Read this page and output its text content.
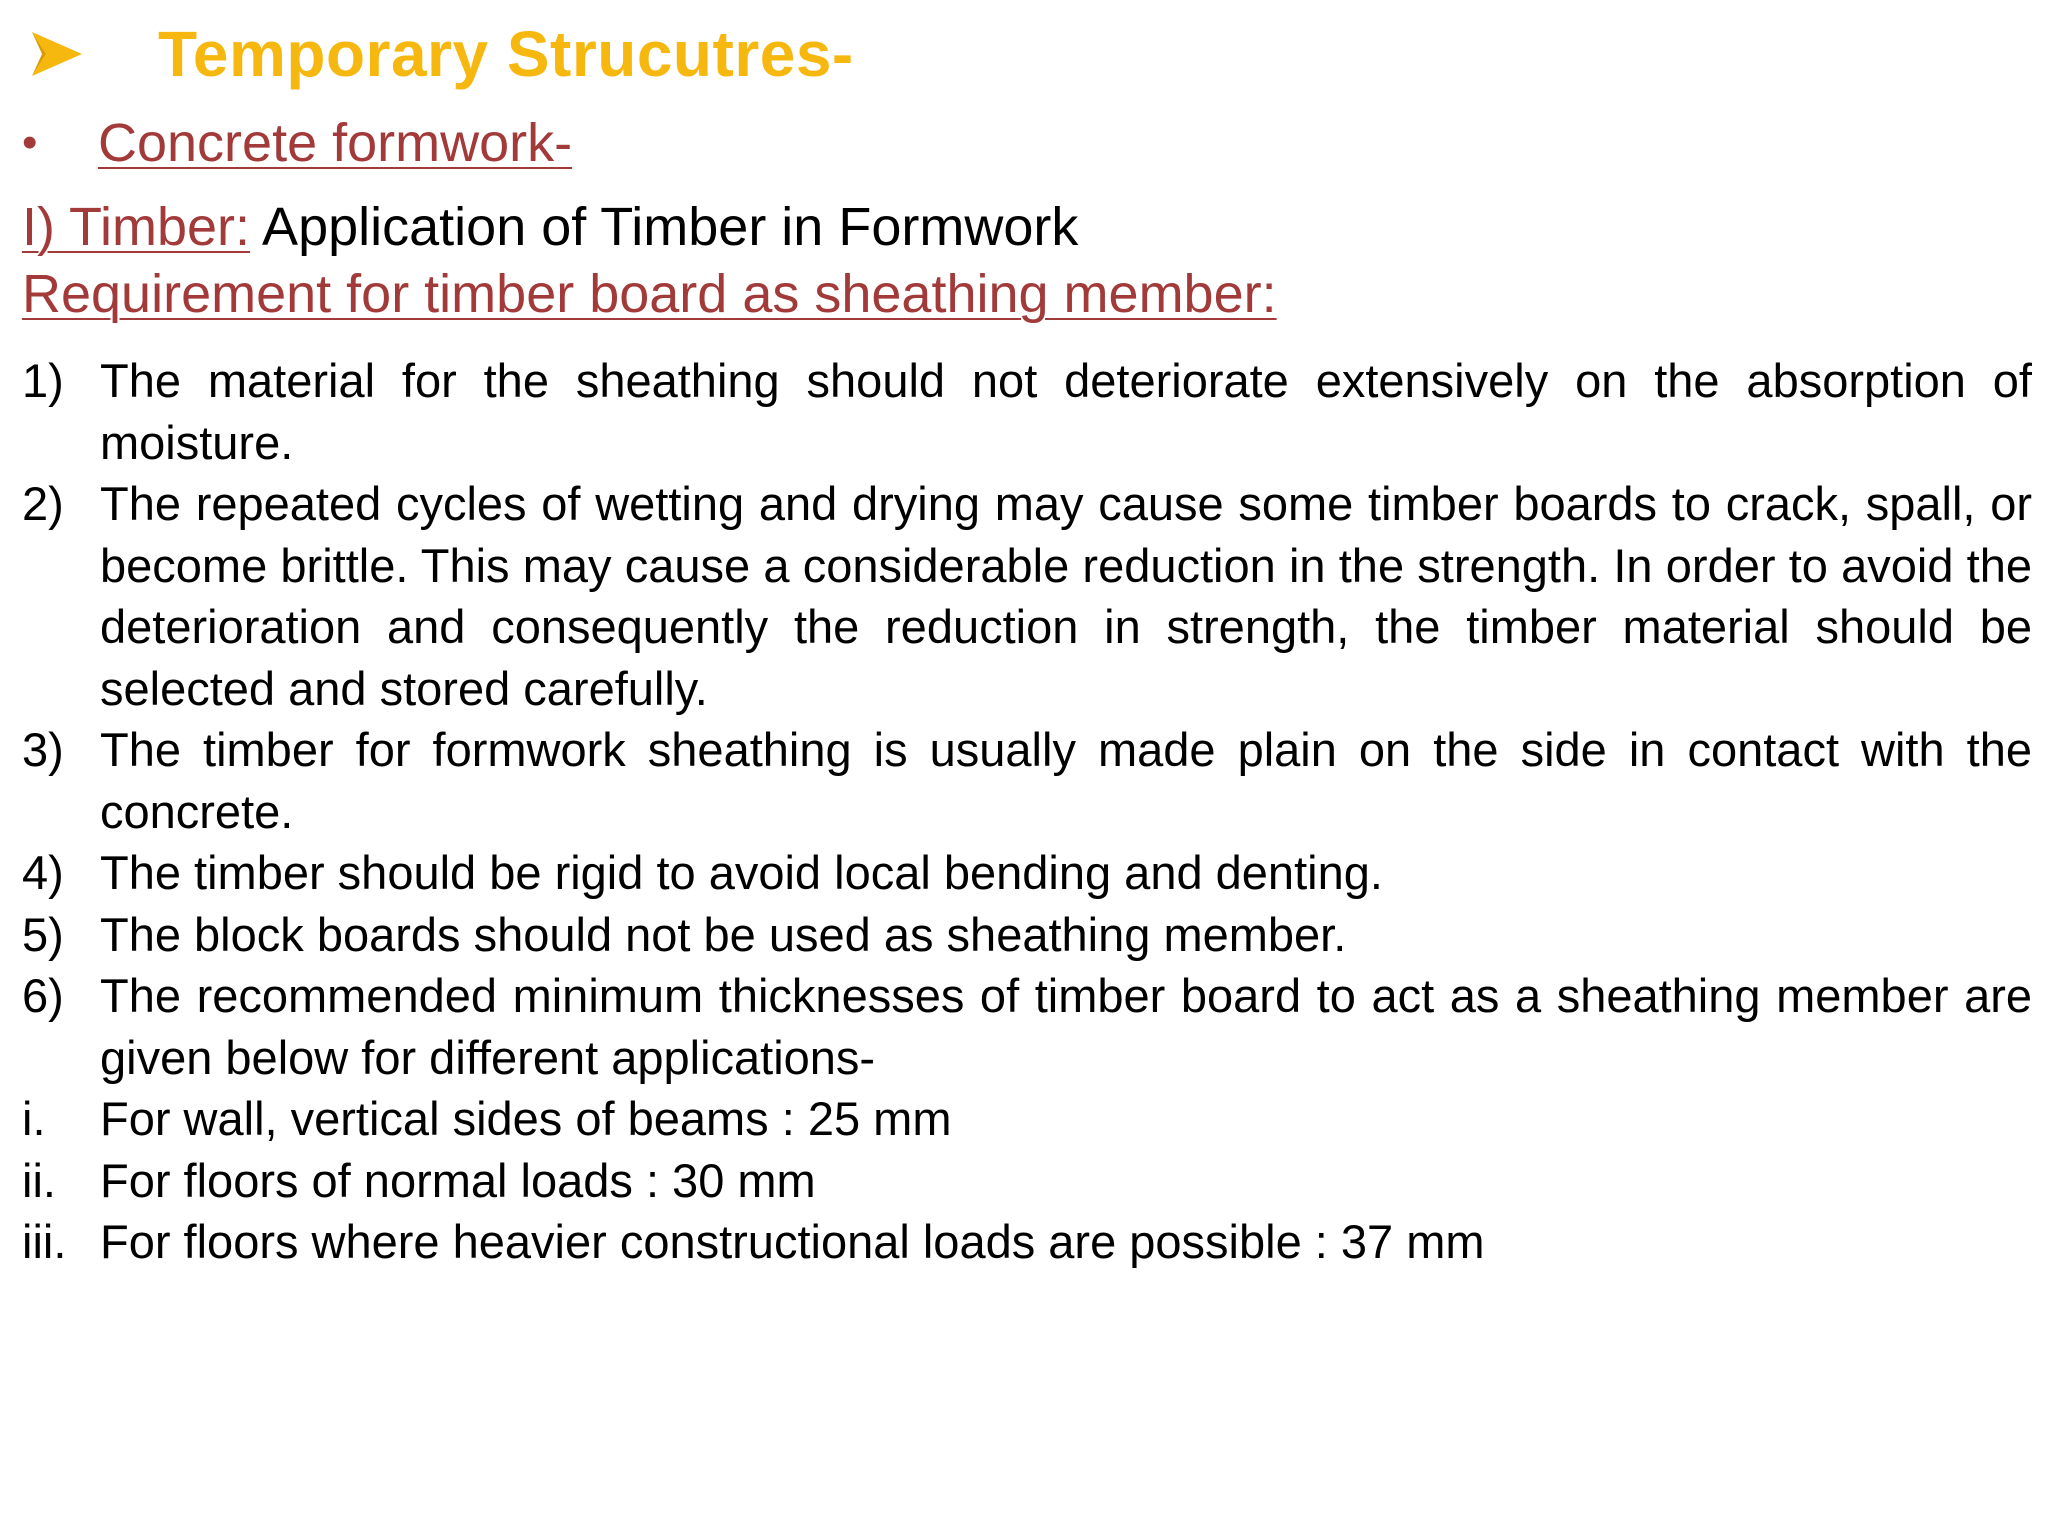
Temporary Strucutres-
•	Concrete formwork-
I) Timber: Application of Timber in Formwork
Requirement for timber board as sheathing member:
1) The material for the sheathing should not deteriorate extensively on the absorption of moisture.
2) The repeated cycles of wetting and drying may cause some timber boards to crack, spall, or become brittle. This may cause a considerable reduction in the strength. In order to avoid the deterioration and consequently the reduction in strength, the timber material should be selected and stored carefully.
3) The timber for formwork sheathing is usually made plain on the side in contact with the concrete.
4) The timber should be rigid to avoid local bending and denting.
5) The block boards should not be used as sheathing member.
6) The recommended minimum thicknesses of timber board to act as a sheathing member are given below for different applications-
i.	For wall, vertical sides of beams : 25 mm
ii. For floors of normal loads : 30 mm
iii. For floors where heavier constructional loads are possible : 37 mm
